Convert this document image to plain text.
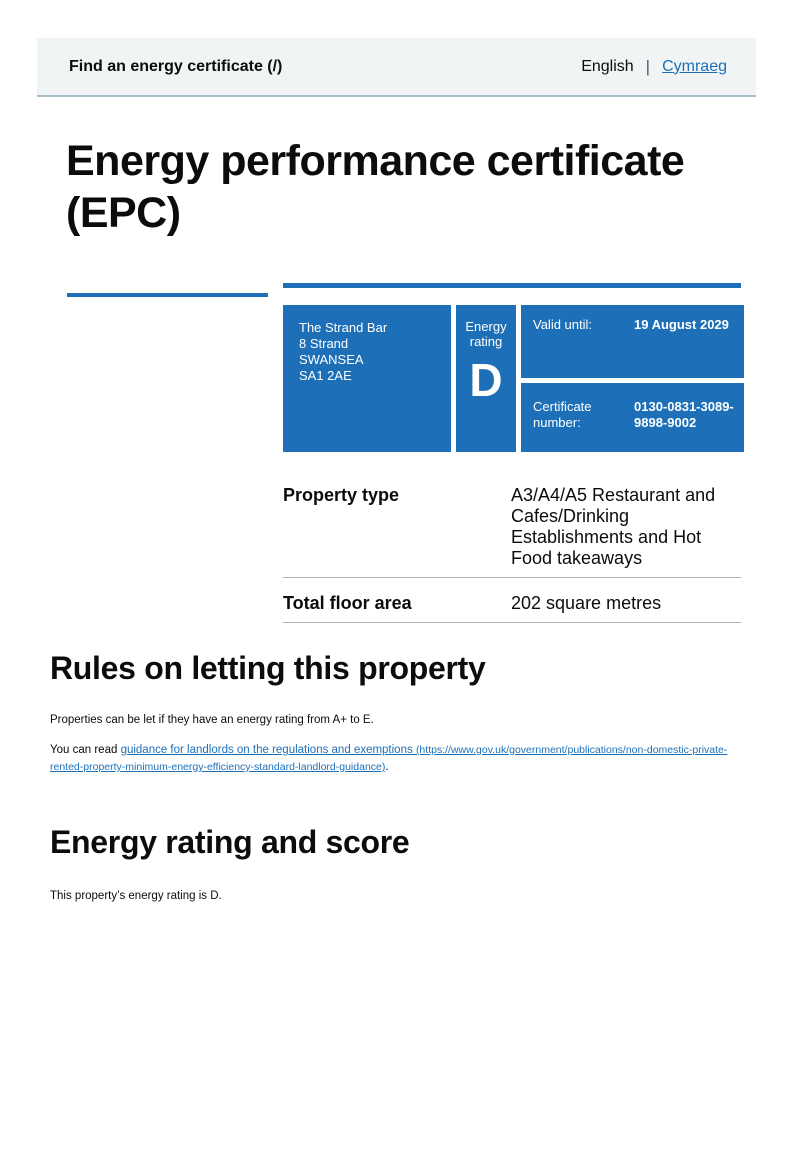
Find an energy certificate (/)	English | Cymraeg
Energy performance certificate (EPC)
The Strand Bar
8 Strand
SWANSEA
SA1 2AE
Energy rating
D
Valid until:	19 August 2029
Certificate number:
0130-0831-3089-9898-9002
Property type	A3/A4/A5 Restaurant and Cafes/Drinking Establishments and Hot Food takeaways
Total floor area	202 square metres
Rules on letting this property

Properties can be let if they have an energy rating from A+ to E.

You can read guidance for landlords on the regulations and exemptions (https://www.gov.uk/government/publications/non-domestic-private-rented-property-minimum-energy-efficiency-standard-landlord-guidance).

Energy rating and score

This property’s energy rating is D.
